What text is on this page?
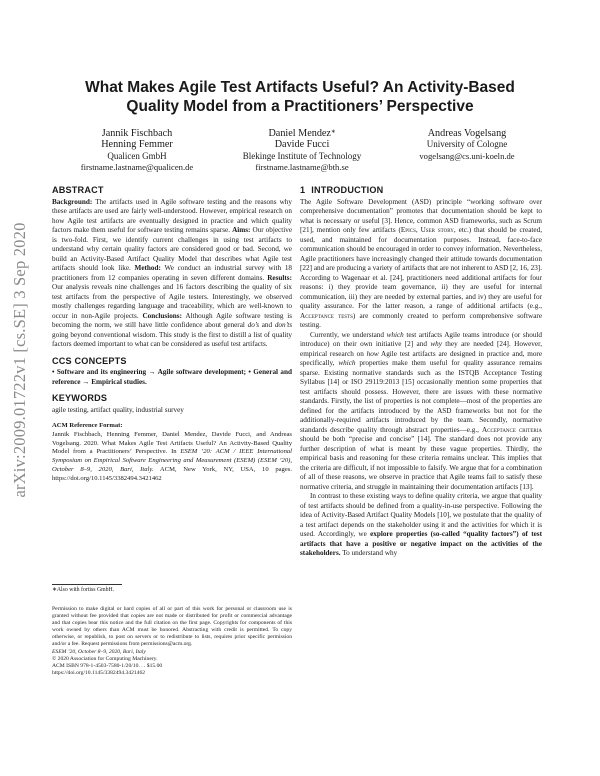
arXiv:2009.01722v1 [cs.SE] 3 Sep 2020
What Makes Agile Test Artifacts Useful? An Activity-Based
Quality Model from a Practitioners’ Perspective
Jannik Fischbach
Henning Femmer
Qualicen GmbH
firstname.lastname@qualicen.de
Daniel Mendez∗
Davide Fucci
Blekinge Institute of Technology
firstname.lastname@bth.se
Andreas Vogelsang
University of Cologne
vogelsang@cs.uni-koeln.de
ABSTRACT

Background: The artifacts used in Agile software testing and the reasons why these artifacts are used are fairly well-understood. However, empirical research on how Agile test artifacts are eventually designed in practice and which quality factors make them useful for software testing remains sparse. Aims: Our objective is two-fold. First, we identify current challenges in using test artifacts to understand why certain quality factors are considered good or bad. Second, we build an Activity-Based Artifact Quality Model that describes what Agile test artifacts should look like. Method: We conduct an industrial survey with 18 practitioners from 12 companies operating in seven different domains. Results: Our analysis reveals nine challenges and 16 factors describing the quality of six test artifacts from the perspective of Agile testers. Interestingly, we observed mostly challenges regarding language and traceability, which are well-known to occur in non-Agile projects. Conclusions: Although Agile software testing is becoming the norm, we still have little confidence about general do’s and don’ts going beyond conventional wisdom. This study is the first to distill a list of quality factors deemed important to what can be considered as useful test artifacts.

CCS CONCEPTS

• Software and its engineering → Agile software development; • General and reference → Empirical studies.

KEYWORDS

agile testing, artifact quality, industrial survey

ACM Reference Format:

Jannik Fischbach, Henning Femmer, Daniel Mendez, Davide Fucci, and Andreas Vogelsang. 2020. What Makes Agile Test Artifacts Useful? An Activity-Based Quality Model from a Practitioners’ Perspective. In ESEM ’20: ACM / IEEE International Symposium on Empirical Software Engineering and Measurement (ESEM) (ESEM ’20), October 8–9, 2020, Bari, Italy. ACM, New York, NY, USA, 10 pages. https://doi.org/10.1145/3382494.3421462

∗Also with fortiss GmbH.

Permission to make digital or hard copies of all or part of this work for personal or classroom use is granted without fee provided that copies are not made or distributed for profit or commercial advantage and that copies bear this notice and the full citation on the first page. Copyrights for components of this work owned by others than ACM must be honored. Abstracting with credit is permitted. To copy otherwise, or republish, to post on servers or to redistribute to lists, requires prior specific permission and/or a fee. Request permissions from permissions@acm.org.

ESEM ’20, October 8–9, 2020, Bari, Italy
© 2020 Association for Computing Machinery.
ACM ISBN 978-1-4503-7580-1/20/10. . . $15.00
https://doi.org/10.1145/3382494.3421462
1 INTRODUCTION

The Agile Software Development (ASD) principle “working software over comprehensive documentation” promotes that documentation should be kept to what is necessary or useful [3]. Hence, common ASD frameworks, such as Scrum [21], mention only few artifacts (Epics, User story, etc.) that should be created, used, and maintained for documentation purposes. Instead, face-to-face communication should be encouraged in order to convey information. Nevertheless, Agile practitioners have increasingly changed their attitude towards documentation [22] and are producing a variety of artifacts that are not inherent to ASD [2, 16, 23]. According to Wagenaar et al. [24], practitioners need additional artifacts for four reasons: i) they provide team governance, ii) they are useful for internal communication, iii) they are needed by external parties, and iv) they are useful for quality assurance. For the latter reason, a range of additional artifacts (e.g., Acceptance tests) are commonly created to perform comprehensive software testing.

Currently, we understand which test artifacts Agile teams introduce (or should introduce) on their own initiative [2] and why they are needed [24]. However, empirical research on how Agile test artifacts are designed in practice and, more specifically, which properties make them useful for quality assurance remains sparse. Existing normative standards such as the ISTQB Acceptance Testing Syllabus [14] or ISO 29119:2013 [15] occasionally mention some properties that test artifacts should possess. However, there are issues with these normative standards. Firstly, the list of properties is not complete—most of the properties are defined for the artifacts introduced by the ASD frameworks but not for the additionally-required artifacts introduced by the team. Secondly, normative standards describe quality through abstract properties—e.g., Acceptance criteria should be both “precise and concise” [14]. The standard does not provide any further description of what is meant by these vague properties. Thirdly, the empirical basis and reasoning for these criteria remains unclear. This implies that the criteria are difficult, if not impossible to falsify. We argue that for a combination of all of these reasons, we observe in practice that Agile teams fail to satisfy these normative criteria, and struggle in maintaining their documentation artifacts [13].

In contrast to these existing ways to define quality criteria, we argue that quality of test artifacts should be defined from a quality-in-use perspective. Following the idea of Activity-Based Artifact Quality Models [10], we postulate that the quality of a test artifact depends on the stakeholder using it and the activities for which it is used. Accordingly, we explore properties (so-called “quality factors”) of test artifacts that have a positive or negative impact on the activities of the stakeholders. To understand why
